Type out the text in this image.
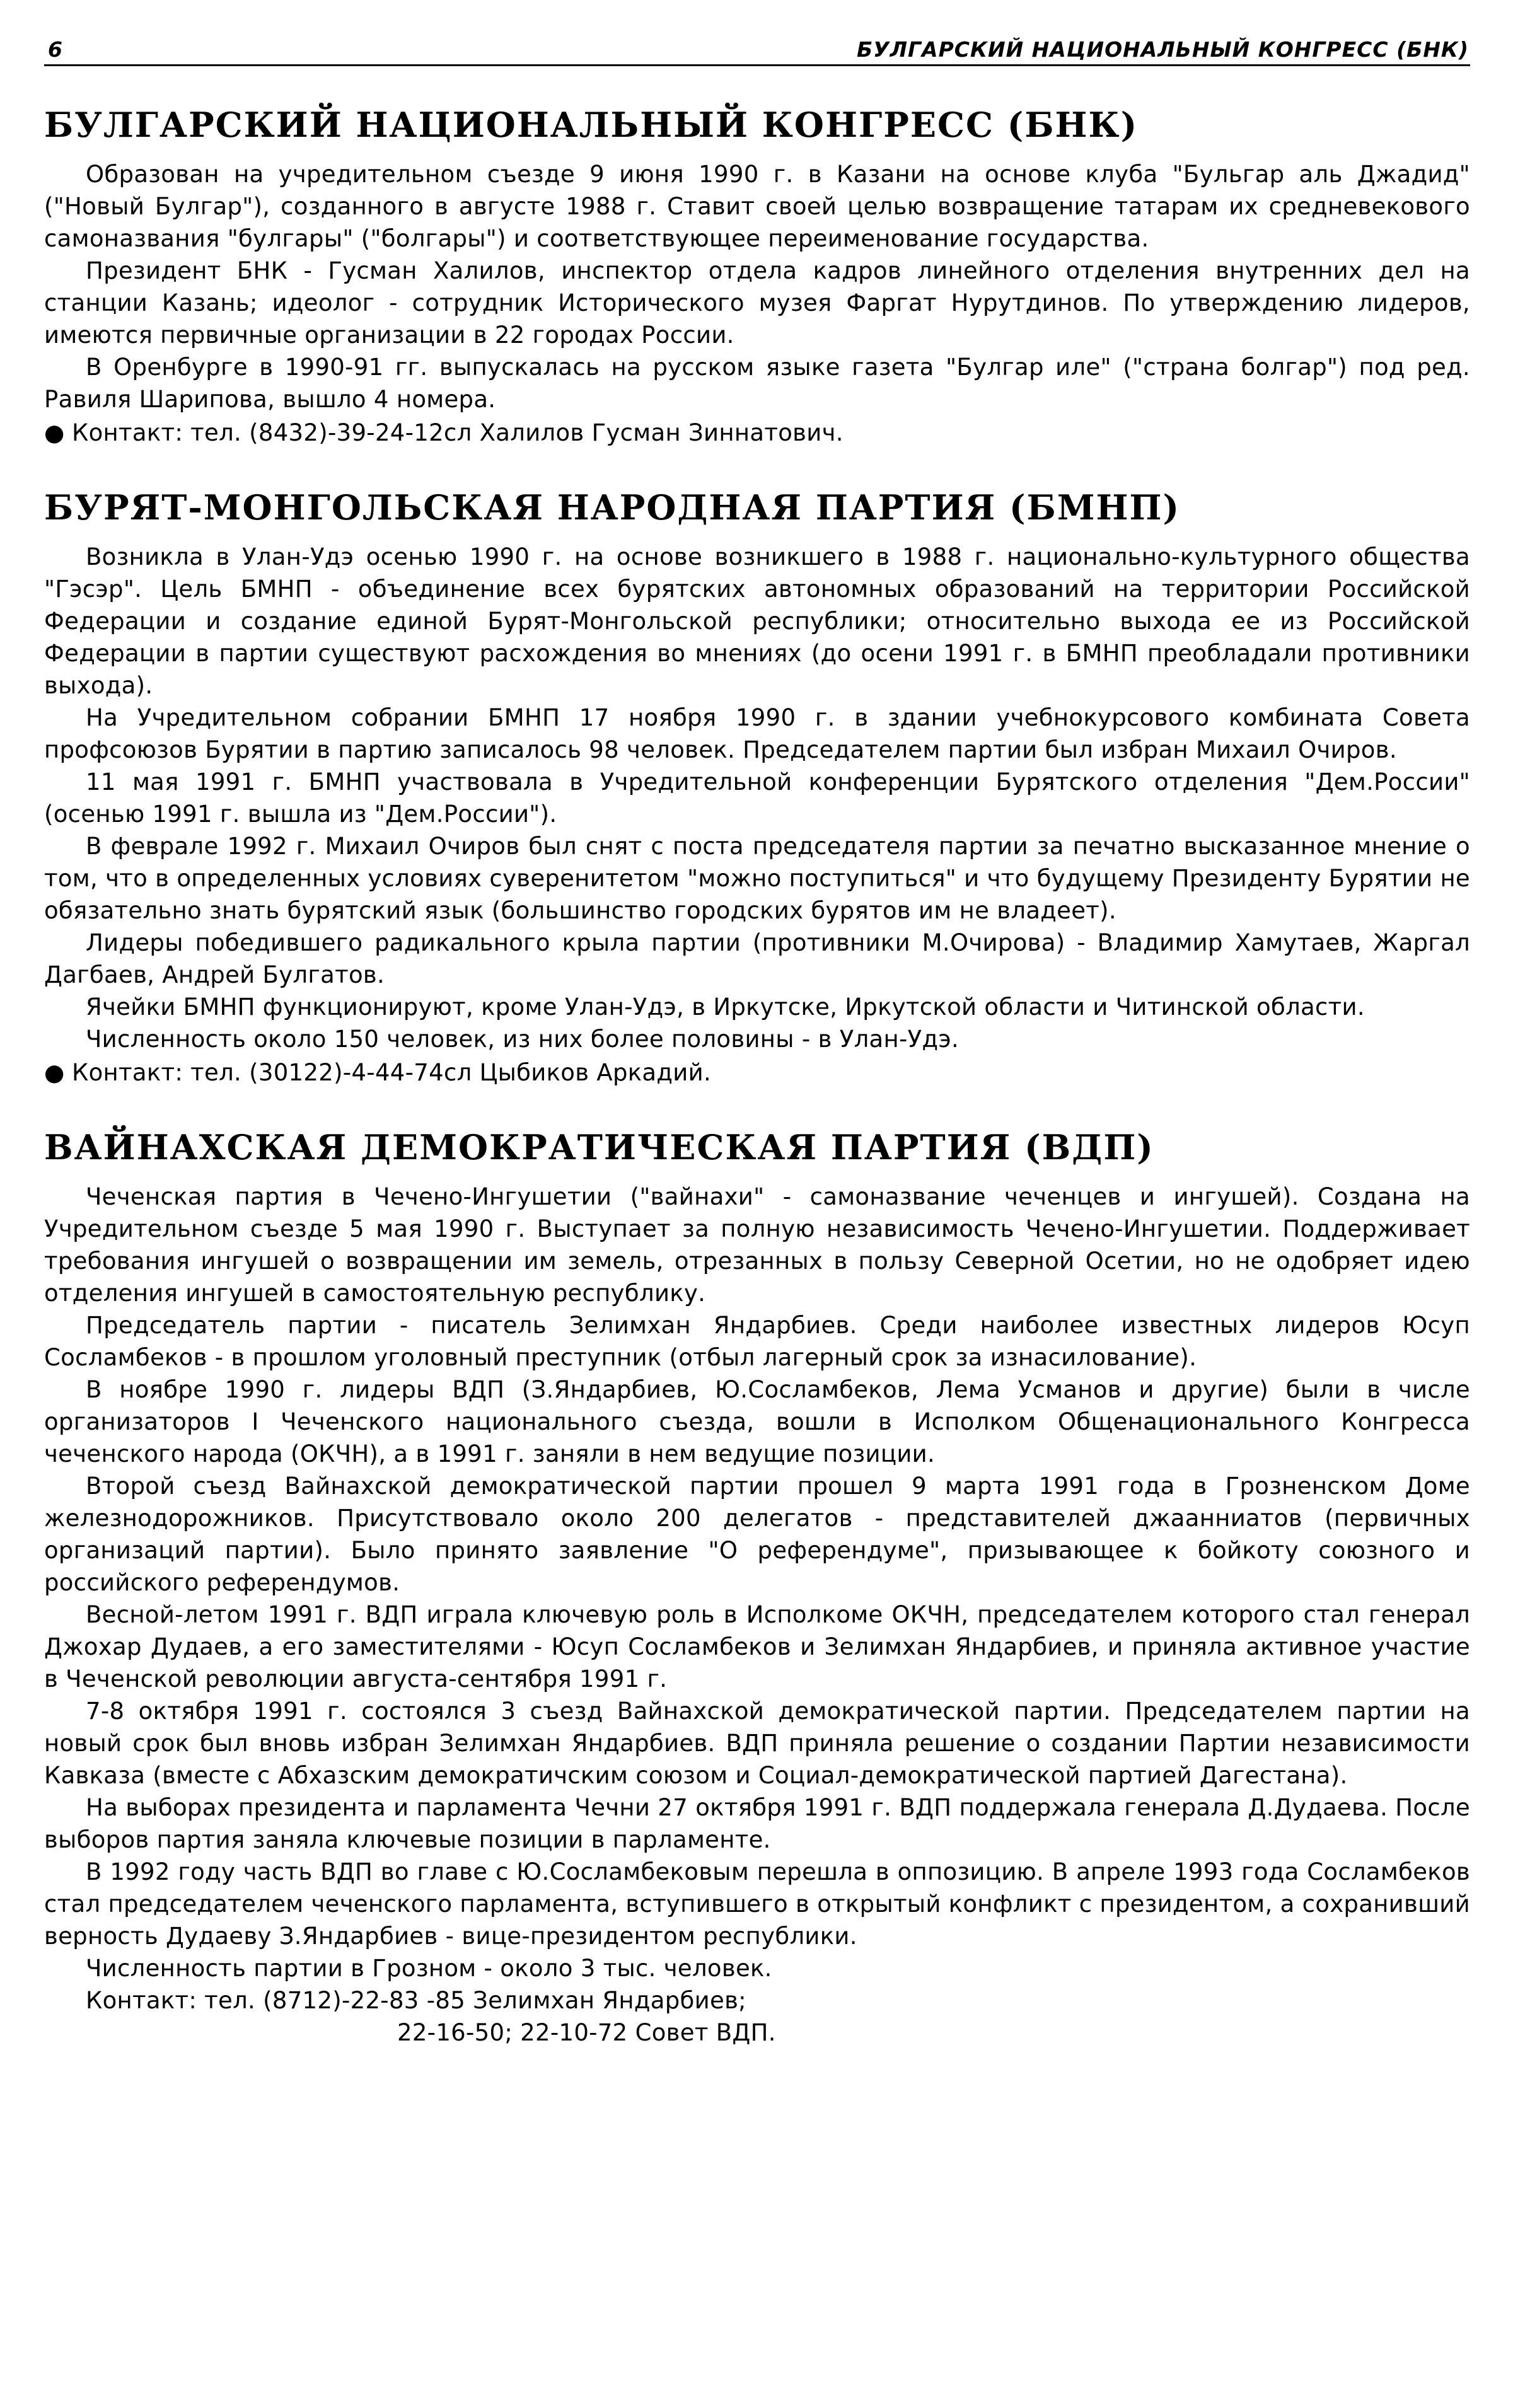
6	БУЛГАРСКИЙ НАЦИОНАЛЬНЫЙ КОНГРЕСС (БНК)
БУЛГАРСКИЙ НАЦИОНАЛЬНЫЙ КОНГРЕСС (БНК)

Образован на учредительном съезде 9 июня 1990 г. в Казани на основе клуба "Бульгар аль Джадид" ("Новый Булгар"), созданного в августе 1988 г. Ставит своей целью возвращение татарам их средневекового самоназвания "булгары" ("болгары") и соответствующее переименование государства.

Президент БНК - Гусман Халилов, инспектор отдела кадров линейного отделения внутренних дел на станции Казань; идеолог - сотрудник Исторического музея Фаргат Нурутдинов. По утверждению лидеров, имеются первичные организации в 22 городах России.

В Оренбурге в 1990-91 гг. выпускалась на русском языке газета "Булгар иле" ("страна болгар") под ред. Равиля Шарипова, вышло 4 номера.

● Контакт: тел. (8432)-39-24-12сл Халилов Гусман Зиннатович.

БУРЯТ-МОНГОЛЬСКАЯ НАРОДНАЯ ПАРТИЯ (БМНП)

Возникла в Улан-Удэ осенью 1990 г. на основе возникшего в 1988 г. национально-культурного общества "Гэсэр". Цель БМНП - объединение всех бурятских автономных образований на территории Российской Федерации и создание единой Бурят-Монгольской республики; относительно выхода ее из Российской Федерации в партии существуют расхождения во мнениях (до осени 1991 г. в БМНП преобладали противники выхода).

На Учредительном собрании БМНП 17 ноября 1990 г. в здании учебнокурсового комбината Совета профсоюзов Бурятии в партию записалось 98 человек. Председателем партии был избран Михаил Очиров.

11 мая 1991 г. БМНП участвовала в Учредительной конференции Бурятского отделения "Дем.России" (осенью 1991 г. вышла из "Дем.России").

В феврале 1992 г. Михаил Очиров был снят с поста председателя партии за печатно высказанное мнение о том, что в определенных условиях суверенитетом "можно поступиться" и что будущему Президенту Бурятии не обязательно знать бурятский язык (большинство городских бурятов им не владеет).

Лидеры победившего радикального крыла партии (противники М.Очирова) - Владимир Хамутаев, Жаргал Дагбаев, Андрей Булгатов.

Ячейки БМНП функционируют, кроме Улан-Удэ, в Иркутске, Иркутской области и Читинской области.

Численность около 150 человек, из них более половины - в Улан-Удэ.

● Контакт: тел. (30122)-4-44-74сл Цыбиков Аркадий.

ВАЙНАХСКАЯ ДЕМОКРАТИЧЕСКАЯ ПАРТИЯ (ВДП)

Чеченская партия в Чечено-Ингушетии ("вайнахи" - самоназвание чеченцев и ингушей). Создана на Учредительном съезде 5 мая 1990 г. Выступает за полную независимость Чечено-Ингушетии. Поддерживает требования ингушей о возвращении им земель, отрезанных в пользу Северной Осетии, но не одобряет идею отделения ингушей в самостоятельную республику.

Председатель партии - писатель Зелимхан Яндарбиев. Среди наиболее известных лидеров Юсуп Сосламбеков - в прошлом уголовный преступник (отбыл лагерный срок за изнасилование).

В ноябре 1990 г. лидеры ВДП (З.Яндарбиев, Ю.Сосламбеков, Лема Усманов и другие) были в числе организаторов I Чеченского национального съезда, вошли в Исполком Общенационального Конгресса чеченского народа (ОКЧН), а в 1991 г. заняли в нем ведущие позиции.

Второй съезд Вайнахской демократической партии прошел 9 марта 1991 года в Грозненском Доме железнодорожников. Присутствовало около 200 делегатов - представителей джаанниатов (первичных организаций партии). Было принято заявление "О референдуме", призывающее к бойкоту союзного и российского референдумов.

Весной-летом 1991 г. ВДП играла ключевую роль в Исполкоме ОКЧН, председателем которого стал генерал Джохар Дудаев, а его заместителями - Юсуп Сосламбеков и Зелимхан Яндарбиев, и приняла активное участие в Чеченской революции августа-сентября 1991 г.

7-8 октября 1991 г. состоялся 3 съезд Вайнахской демократической партии. Председателем партии на новый срок был вновь избран Зелимхан Яндарбиев. ВДП приняла решение о создании Партии независимости Кавказа (вместе с Абхазским демократичским союзом и Социал-демократической партией Дагестана).

На выборах президента и парламента Чечни 27 октября 1991 г. ВДП поддержала генерала Д.Дудаева. После выборов партия заняла ключевые позиции в парламенте.

В 1992 году часть ВДП во главе с Ю.Сосламбековым перешла в оппозицию. В апреле 1993 года Сосламбеков стал председателем чеченского парламента, вступившего в открытый конфликт с президентом, а сохранивший верность Дудаеву З.Яндарбиев - вице-президентом республики.

Численность партии в Грозном - около 3 тыс. человек.

Контакт: тел. (8712)-22-83 -85 Зелимхан Яндарбиев;

22-16-50; 22-10-72 Совет ВДП.
